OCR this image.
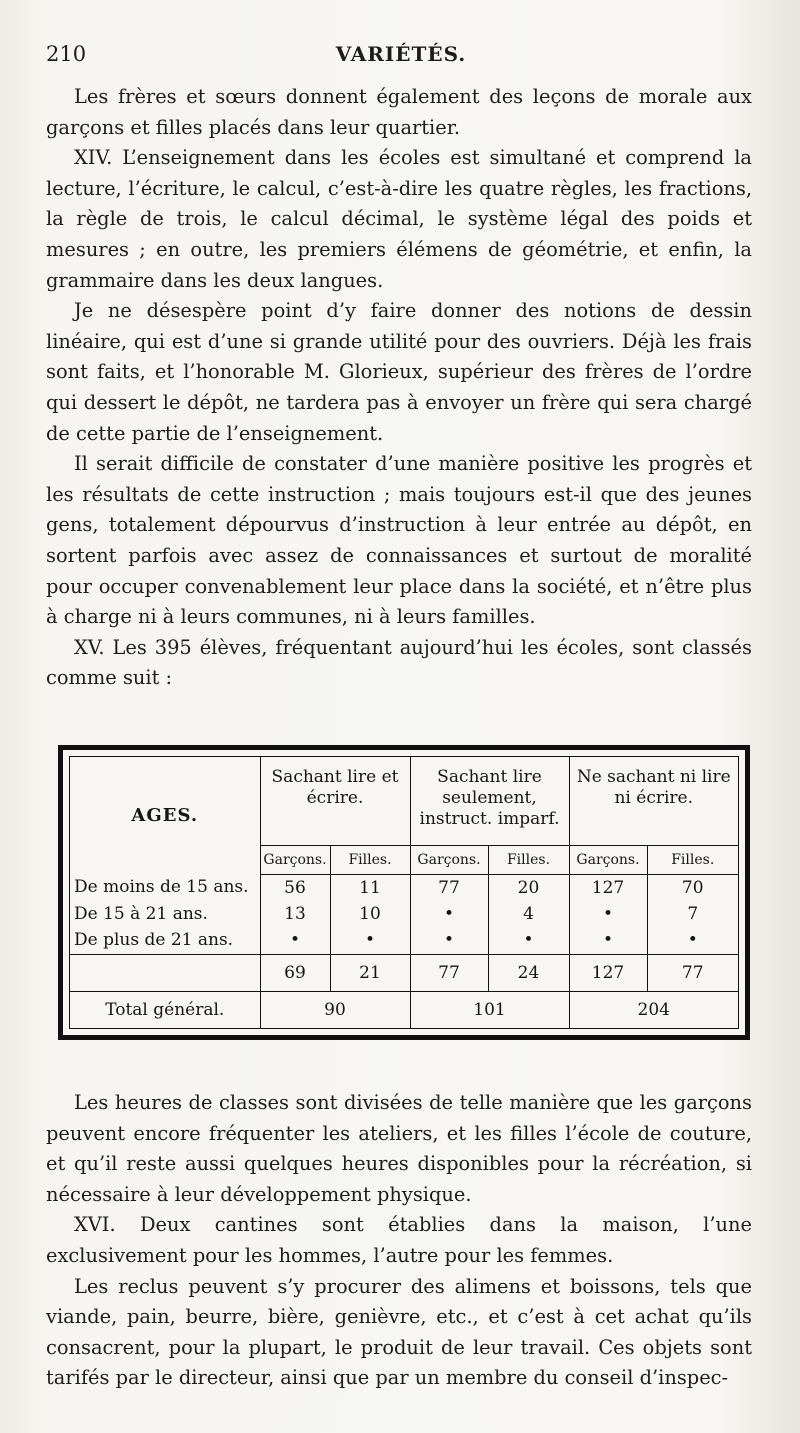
210	VARIÉTÉS.

Les frères et sœurs donnent également des leçons de morale aux garçons et filles placés dans leur quartier.

XIV. L’enseignement dans les écoles est simultané et comprend la lecture, l’écriture, le calcul, c’est-à-dire les quatre règles, les fractions, la règle de trois, le calcul décimal, le système légal des poids et mesures ; en outre, les premiers élémens de géométrie, et enfin, la grammaire dans les deux langues.

Je ne désespère point d’y faire donner des notions de dessin linéaire, qui est d’une si grande utilité pour des ouvriers. Déjà les frais sont faits, et l’honorable M. Glorieux, supérieur des frères de l’ordre qui dessert le dépôt, ne tardera pas à envoyer un frère qui sera chargé de cette partie de l’enseignement.

Il serait difficile de constater d’une manière positive les progrès et les résultats de cette instruction ; mais toujours est-il que des jeunes gens, totalement dépourvus d’instruction à leur entrée au dépôt, en sortent parfois avec assez de connaissances et surtout de moralité pour occuper convenablement leur place dans la société, et n’être plus à charge ni à leurs communes, ni à leurs familles.

XV. Les 395 élèves, fréquentant aujourd’hui les écoles, sont classés comme suit :

AGES.	Sachant lire et écrire.		Sachant lire seulement, instruct. imparf.		Ne sachant ni lire ni écrire.	
	Garçons.	Filles.	Garçons.	Filles.	Garçons.	Filles.
De moins de 15 ans.	56	11	77	20	127	70
De 15 à 21 ans.	13	10	•	4	•	7
De plus de 21 ans.	•	•	•	•	•	•
	69	21	77	24	127	77
Total général.	90		101		204	

Les heures de classes sont divisées de telle manière que les garçons peuvent encore fréquenter les ateliers, et les filles l’école de couture, et qu’il reste aussi quelques heures disponibles pour la récréation, si nécessaire à leur développement physique.

XVI. Deux cantines sont établies dans la maison, l’une exclusivement pour les hommes, l’autre pour les femmes.

Les reclus peuvent s’y procurer des alimens et boissons, tels que viande, pain, beurre, bière, genièvre, etc., et c’est à cet achat qu’ils consacrent, pour la plupart, le produit de leur travail. Ces objets sont tarifés par le directeur, ainsi que par un membre du conseil d’inspec-
